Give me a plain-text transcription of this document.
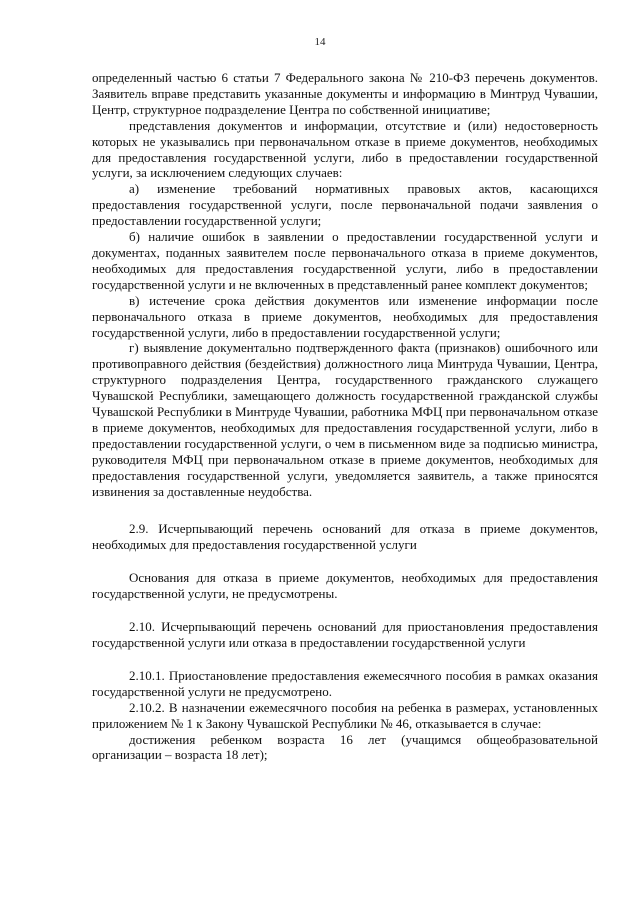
14

определенный частью 6 статьи 7 Федерального закона № 210-ФЗ перечень документов. Заявитель вправе представить указанные документы и информацию в Минтруд Чувашии, Центр, структурное подразделение Центра по собственной инициативе;

представления документов и информации, отсутствие и (или) недостоверность которых не указывались при первоначальном отказе в приеме документов, необходимых для предоставления государственной услуги, либо в предоставлении государственной услуги, за исключением следующих случаев:

а) изменение требований нормативных правовых актов, касающихся предоставления государственной услуги, после первоначальной подачи заявления о предоставлении государственной услуги;

б) наличие ошибок в заявлении о предоставлении государственной услуги и документах, поданных заявителем после первоначального отказа в приеме документов, необходимых для предоставления государственной услуги, либо в предоставлении государственной услуги и не включенных в представленный ранее комплект документов;

в) истечение срока действия документов или изменение информации после первоначального отказа в приеме документов, необходимых для предоставления государственной услуги, либо в предоставлении государственной услуги;

г) выявление документально подтвержденного факта (признаков) ошибочного или противоправного действия (бездействия) должностного лица Минтруда Чувашии, Центра, структурного подразделения Центра, государственного гражданского служащего Чувашской Республики, замещающего должность государственной гражданской службы Чувашской Республики в Минтруде Чувашии, работника МФЦ при первоначальном отказе в приеме документов, необходимых для предоставления государственной услуги, либо в предоставлении государственной услуги, о чем в письменном виде за подписью министра, руководителя МФЦ при первоначальном отказе в приеме документов, необходимых для предоставления государственной услуги, уведомляется заявитель, а также приносятся извинения за доставленные неудобства.

2.9. Исчерпывающий перечень оснований для отказа в приеме документов, необходимых для предоставления государственной услуги

Основания для отказа в приеме документов, необходимых для предоставления государственной услуги, не предусмотрены.

2.10. Исчерпывающий перечень оснований для приостановления предоставления государственной услуги или отказа в предоставлении государственной услуги

2.10.1. Приостановление предоставления ежемесячного пособия в рамках оказания государственной услуги не предусмотрено.

2.10.2. В назначении ежемесячного пособия на ребенка в размерах, установленных приложением № 1 к Закону Чувашской Республики № 46, отказывается в случае:

достижения ребенком возраста 16 лет (учащимся общеобразовательной организации – возраста 18 лет);
